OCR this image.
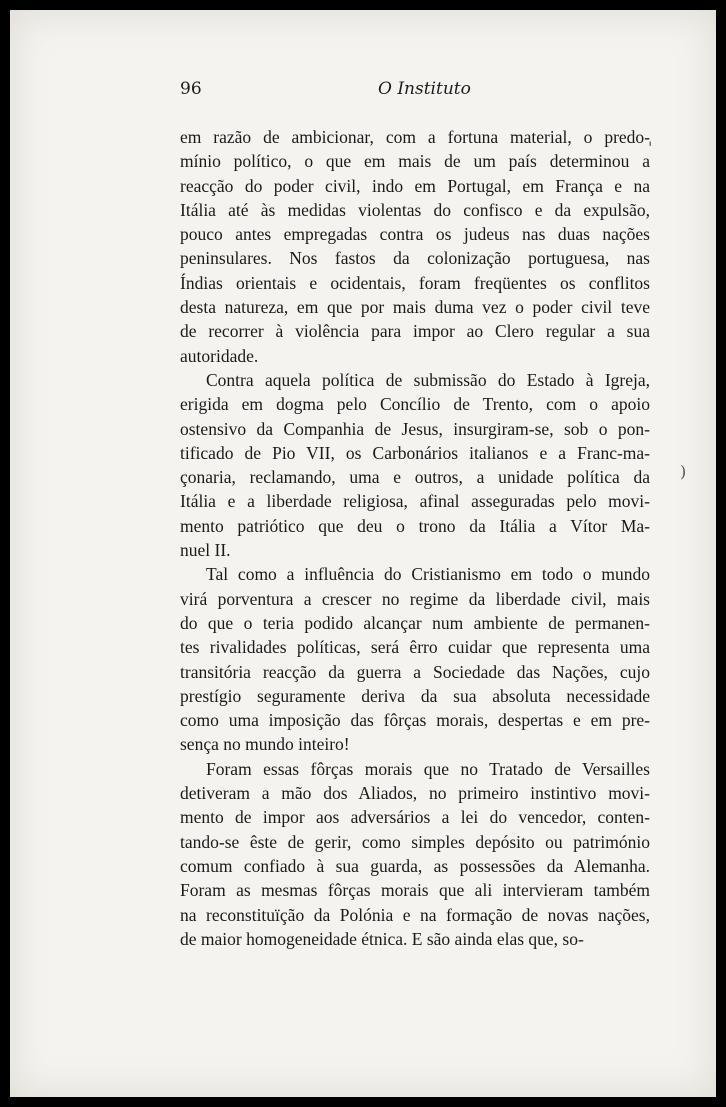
96	O Instituto
'
)
em razão de ambicionar, com a fortuna material, o predo-
mínio político, o que em mais de um país determinou a
reacção do poder civil, indo em Portugal, em França e na
Itália até às medidas violentas do confisco e da expulsão,
pouco antes empregadas contra os judeus nas duas nações
peninsulares. Nos fastos da colonização portuguesa, nas
Índias orientais e ocidentais, foram freqüentes os conflitos
desta natureza, em que por mais duma vez o poder civil teve
de recorrer à violência para impor ao Clero regular a sua
autoridade.
Contra aquela política de submissão do Estado à Igreja,
erigida em dogma pelo Concílio de Trento, com o apoio
ostensivo da Companhia de Jesus, insurgiram-se, sob o pon-
tificado de Pio VII, os Carbonários italianos e a Franc-ma-
çonaria, reclamando, uma e outros, a unidade política da
Itália e a liberdade religiosa, afinal asseguradas pelo movi-
mento patriótico que deu o trono da Itália a Vítor Ma-
nuel II.
Tal como a influência do Cristianismo em todo o mundo
virá porventura a crescer no regime da liberdade civil, mais
do que o teria podido alcançar num ambiente de permanen-
tes rivalidades políticas, será êrro cuidar que representa uma
transitória reacção da guerra a Sociedade das Nações, cujo
prestígio seguramente deriva da sua absoluta necessidade
como uma imposição das fôrças morais, despertas e em pre-
sença no mundo inteiro!
Foram essas fôrças morais que no Tratado de Versailles
detiveram a mão dos Aliados, no primeiro instintivo movi-
mento de impor aos adversários a lei do vencedor, conten-
tando-se êste de gerir, como simples depósito ou património
comum confiado à sua guarda, as possessões da Alemanha.
Foram as mesmas fôrças morais que ali intervieram também
na reconstituïção da Polónia e na formação de novas nações,
de maior homogeneidade étnica. E são ainda elas que, so-
